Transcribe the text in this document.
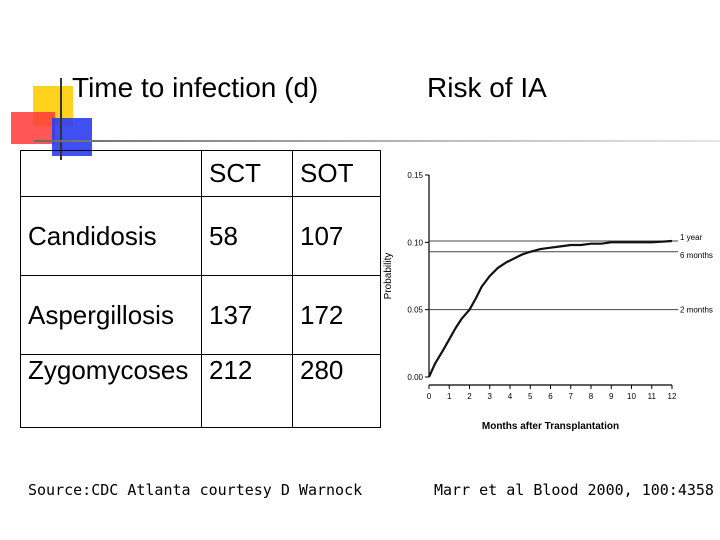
Time to infection (d)	Risk of IA
	SCT	SOT
Candidosis	58	107
Aspergillosis	137	172
Zygomycoses	212	280
Source:CDC Atlanta courtesy D Warnock	Marr et al Blood 2000, 100:4358
0.00
0.05
0.10
0.15
0 1 2 3 4 5 6 7 8 9 10 11 12
Months after Transplantation
Probability
1 year
6 months
2 months
